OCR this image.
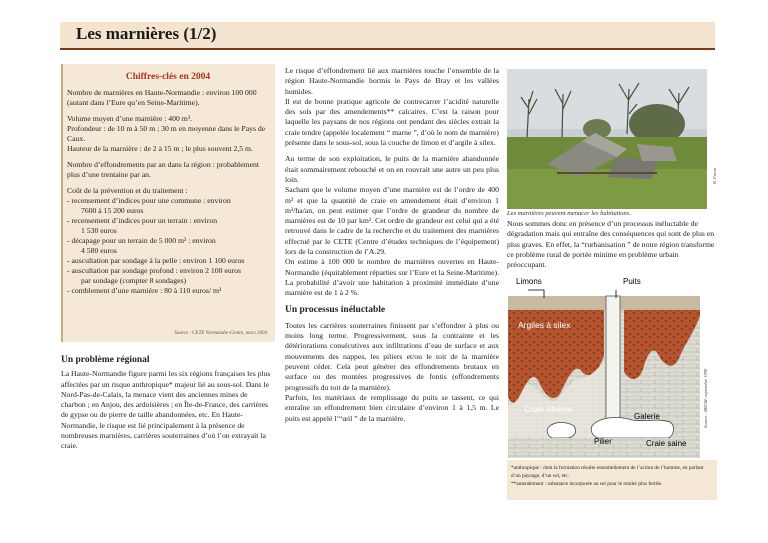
Les marnières (1/2)
Chiffres-clés en 2004

Nombre de marnières en Haute-Normandie : environ 100 000 (autant dans l’Eure qu’en Seine-Maritime).

Volume moyen d’une marnière : 400 m³.
Profondeur : de 10 m à 50 m ; 30 m en moyenne dans le Pays de Caux.
Hauteur de la marnière : de 2 à 15 m ; le plus souvent 2,5 m.

Nombre d’effondrements par an dans la région : probablement plus d’une trentaine par an.

Coût de la prévention et du traitement :
- recensement d’indices pour une commune : environ

7600 à 15 200 euros
- recensement d’indices pour un terrain : environ

1 530 euros
- décapage pour un terrain de 5 000 m² : environ

4 580 euros
- auscultation par sondage à la pelle : environ 1 100 euros
- auscultation par sondage profond : environ 2 100 euros

par sondage (compter 8 sondages)
- comblement d’une marnière : 80 à 110 euros/ m³

Source : CETE Normandie-Centre, mars 2004
Un problème régional

La Haute-Normandie figure parmi les six régions françaises les plus affectées par un risque anthropique* majeur lié au sous-sol. Dans le Nord-Pas-de-Calais, la menace vient des anciennes mines de charbon ; en Anjou, des ardoisières ; en Île-de-France, des carrières de gypse ou de pierre de taille abandonnées, etc. En Haute-Normandie, le risque est lié principalement à la présence de nombreuses marnières, carrières souterraines d’où l’on extrayait la craie.

Le risque d’effondrement lié aux marnières touche l’ensemble de la région Haute-Normandie hormis le Pays de Bray et les vallées humides.

Il est de bonne pratique agricole de contrecarrer l’acidité naturelle des sols par des amendements** calcaires. C’est la raison pour laquelle les paysans de nos régions ont pendant des siècles extrait la craie tendre (appelée localement “ marne ”, d’où le nom de marnière) présente dans le sous-sol, sous la couche de limon et d’argile à silex.

Au terme de son exploitation, le puits de la marnière abandonnée était sommairement rebouché et on en rouvrait une autre un peu plus loin.

Sachant que le volume moyen d’une marnière est de l’ordre de 400 m³ et que la quantité de craie en amendement était d’environ 1 m³/ha/an, on peut estimer que l’ordre de grandeur du nombre de marnières est de 10 par km². Cet ordre de grandeur est celui qui a été retrouvé dans le cadre de la recherche et du traitement des marnières effectué par le CETE (Centre d’études techniques de l’équipement) lors de la construction de l’A.29.

On estime à 100 000 le nombre de marnières ouvertes en Haute-Normandie (équitablement réparties sur l’Eure et la Seine-Maritime). La probabilité d’avoir une habitation à proximité immédiate d’une marnière est de 1 à 2 %.

Un processus inéluctable

Toutes les carrières souterraines finissent par s’effondrer à plus ou moins long terme. Progressivement, sous la contrainte et les détériorations consécutives aux infiltrations d’eau de surface et aux mouvements des nappes, les piliers et/ou le toit de la marnière peuvent céder. Cela peut générer des effondrements brutaux en surface ou des montées progressives de fontis (effondrements progressifs du toit de la marnière).

Parfois, les matériaux de remplissage du puits se tassent, ce qui entraîne un effondrement bien circulaire d’environ 1 à 1,5 m. Le puits est appelé l’“œil ” de la marnière.

B. Farou
Les marnières peuvent menacer les habitations.

Nous sommes donc en présence d’un processus inéluctable de dégradation mais qui entraîne des conséquences qui sont de plus en plus graves. En effet, la “rurbanisation ” de notre région transforme ce problème rural de portée minime en problème urbain préoccupant.

Limons	Puits
Argiles à silex
Craie altérée
Galerie
Pilier	Craie saine
Source : BRGM, septembre 1998

*anthropique : dont la formation résulte essentiellement de l’action de l’homme, en parlant d’un paysage, d’un sol, etc.

**amendement : substance incorporée au sol pour le rendre plus fertile.
